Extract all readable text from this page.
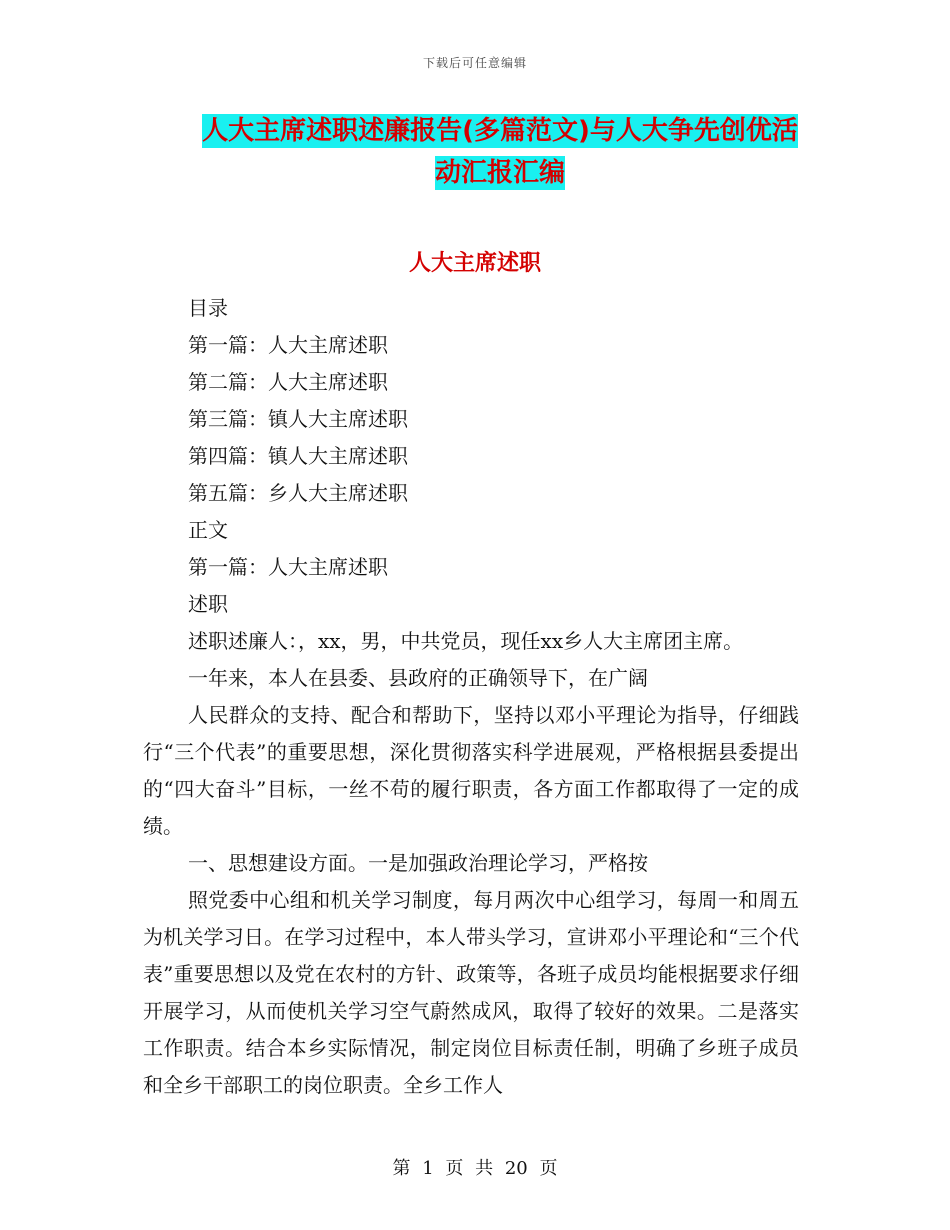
下载后可任意编辑
人大主席述职述廉报告(多篇范文)与人大争先创优活
动汇报汇编
人大主席述职

目录

第一篇：人大主席述职

第二篇：人大主席述职

第三篇：镇人大主席述职

第四篇：镇人大主席述职

第五篇：乡人大主席述职

正文

第一篇：人大主席述职

述职

述职述廉人：，xx，男，中共党员，现任xx乡人大主席团主席。

一年来，本人在县委、县政府的正确领导下，在广阔

人民群众的支持、配合和帮助下，坚持以邓小平理论为指导，仔细践行“三个代表”的重要思想，深化贯彻落实科学进展观，严格根据县委提出的“四大奋斗”目标，一丝不苟的履行职责，各方面工作都取得了一定的成绩。

一、思想建设方面。一是加强政治理论学习，严格按

照党委中心组和机关学习制度，每月两次中心组学习，每周一和周五为机关学习日。在学习过程中，本人带头学习，宣讲邓小平理论和“三个代表”重要思想以及党在农村的方针、政策等，各班子成员均能根据要求仔细开展学习，从而使机关学习空气蔚然成风，取得了较好的效果。二是落实工作职责。结合本乡实际情况，制定岗位目标责任制，明确了乡班子成员和全乡干部职工的岗位职责。全乡工作人

第 1 页 共 20 页
